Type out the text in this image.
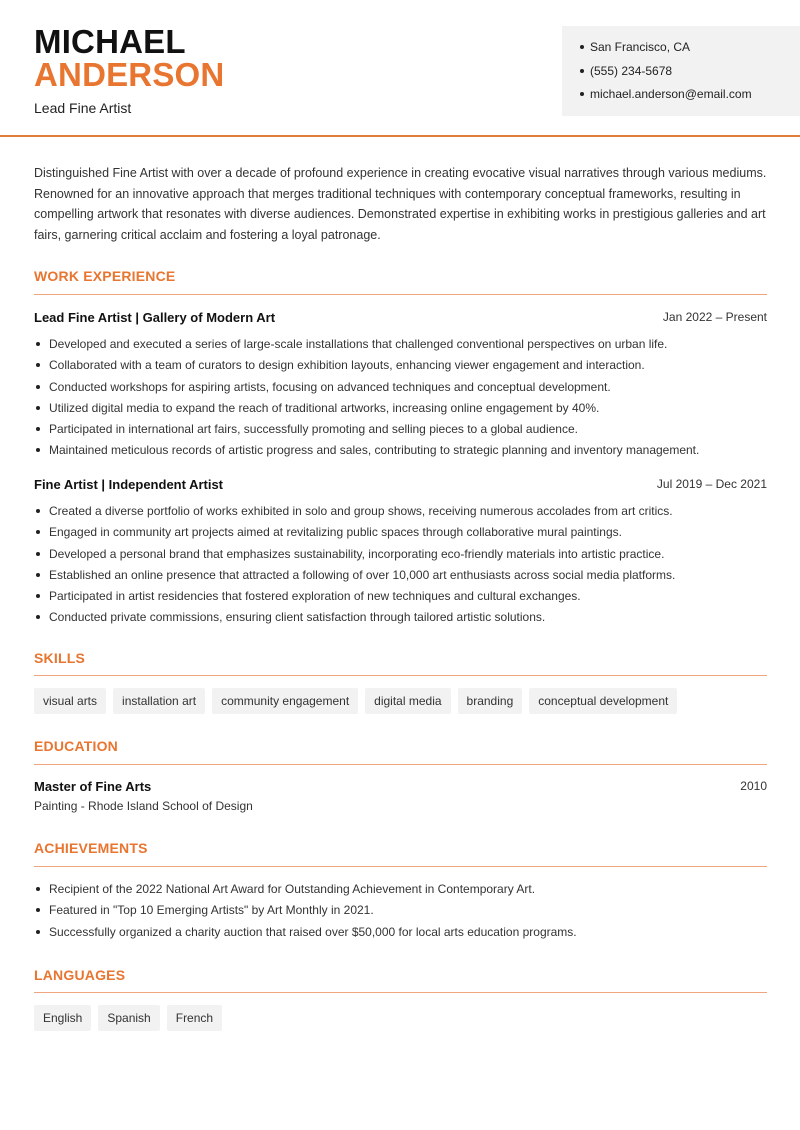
MICHAEL
ANDERSON
Lead Fine Artist
San Francisco, CA
(555) 234-5678
michael.anderson@email.com

Distinguished Fine Artist with over a decade of profound experience in creating evocative visual narratives through various mediums. Renowned for an innovative approach that merges traditional techniques with contemporary conceptual frameworks, resulting in compelling artwork that resonates with diverse audiences. Demonstrated expertise in exhibiting works in prestigious galleries and art fairs, garnering critical acclaim and fostering a loyal patronage.

WORK EXPERIENCE
Lead Fine Artist | Gallery of Modern Art	Jan 2022 – Present
Developed and executed a series of large-scale installations that challenged conventional perspectives on urban life.
Collaborated with a team of curators to design exhibition layouts, enhancing viewer engagement and interaction.
Conducted workshops for aspiring artists, focusing on advanced techniques and conceptual development.
Utilized digital media to expand the reach of traditional artworks, increasing online engagement by 40%.
Participated in international art fairs, successfully promoting and selling pieces to a global audience.
Maintained meticulous records of artistic progress and sales, contributing to strategic planning and inventory management.
Fine Artist | Independent Artist	Jul 2019 – Dec 2021
Created a diverse portfolio of works exhibited in solo and group shows, receiving numerous accolades from art critics.
Engaged in community art projects aimed at revitalizing public spaces through collaborative mural paintings.
Developed a personal brand that emphasizes sustainability, incorporating eco-friendly materials into artistic practice.
Established an online presence that attracted a following of over 10,000 art enthusiasts across social media platforms.
Participated in artist residencies that fostered exploration of new techniques and cultural exchanges.
Conducted private commissions, ensuring client satisfaction through tailored artistic solutions.
SKILLS
visual arts	installation art	community engagement	digital media	branding	conceptual development
EDUCATION
Master of Fine Arts	2010
Painting - Rhode Island School of Design
ACHIEVEMENTS
Recipient of the 2022 National Art Award for Outstanding Achievement in Contemporary Art.
Featured in "Top 10 Emerging Artists" by Art Monthly in 2021.
Successfully organized a charity auction that raised over $50,000 for local arts education programs.
LANGUAGES
English	Spanish	French
